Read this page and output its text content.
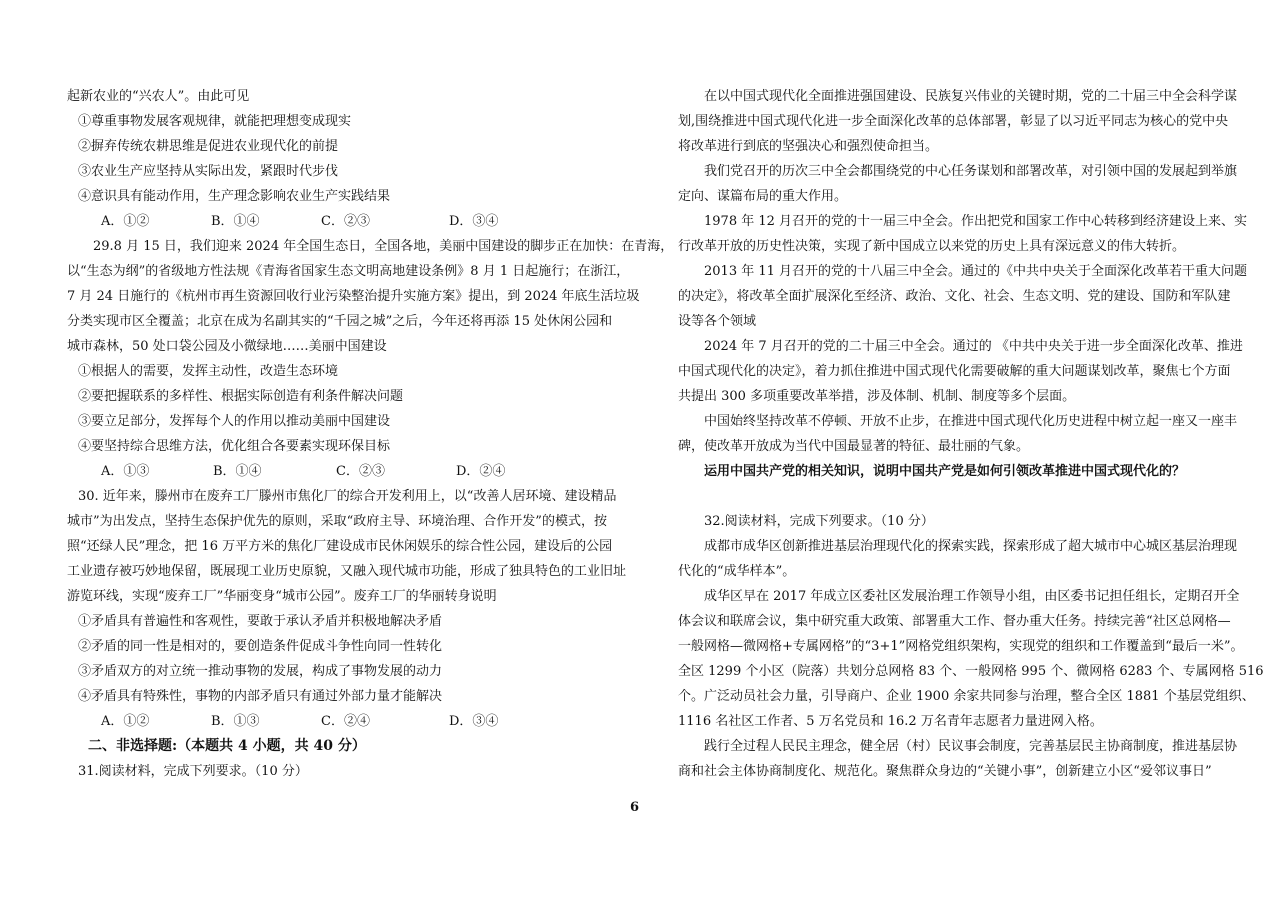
起新农业的“兴农人”。由此可见
①尊重事物发展客观规律，就能把理想变成现实
②摒弃传统农耕思维是促进农业现代化的前提
③农业生产应坚持从实际出发，紧跟时代步伐
④意识具有能动作用，生产理念影响农业生产实践结果
A．①②	B．①④	C．②③	D．③④
29.8 月 15 日，我们迎来 2024 年全国生态日，全国各地，美丽中国建设的脚步正在加快：在青海，
以“生态为纲”的省级地方性法规《青海省国家生态文明高地建设条例》8 月 1 日起施行；在浙江，
7 月 24 日施行的《杭州市再生资源回收行业污染整治提升实施方案》提出，到 2024 年底生活垃圾
分类实现市区全覆盖；北京在成为名副其实的“千园之城”之后，今年还将再添 15 处休闲公园和
城市森林，50 处口袋公园及小微绿地……美丽中国建设
①根据人的需要，发挥主动性，改造生态环境
②要把握联系的多样性、根据实际创造有利条件解决问题
③要立足部分，发挥每个人的作用以推动美丽中国建设
④要坚持综合思维方法，优化组合各要素实现环保目标
A．①③	B．①④	C．②③	D．②④
30. 近年来，滕州市在废弃工厂滕州市焦化厂的综合开发利用上，以“改善人居环境、建设精品
城市”为出发点，坚持生态保护优先的原则，采取“政府主导、环境治理、合作开发”的模式，按
照“还绿人民”理念，把 16 万平方米的焦化厂建设成市民休闲娱乐的综合性公园，建设后的公园
工业遗存被巧妙地保留，既展现工业历史原貌，又融入现代城市功能，形成了独具特色的工业旧址
游览环线，实现“废弃工厂”华丽变身“城市公园”。废弃工厂的华丽转身说明
①矛盾具有普遍性和客观性，要敢于承认矛盾并积极地解决矛盾
②矛盾的同一性是相对的，要创造条件促成斗争性向同一性转化
③矛盾双方的对立统一推动事物的发展，构成了事物发展的动力
④矛盾具有特殊性，事物的内部矛盾只有通过外部力量才能解决
A．①②	B．①③	C．②④	D．③④
二、非选择题:（本题共 4 小题，共 40 分）
31.阅读材料，完成下列要求。（10 分）
在以中国式现代化全面推进强国建设、民族复兴伟业的关键时期，党的二十届三中全会科学谋
划,围绕推进中国式现代化进一步全面深化改革的总体部署，彰显了以习近平同志为核心的党中央
将改革进行到底的坚强决心和强烈使命担当。
我们党召开的历次三中全会都围绕党的中心任务谋划和部署改革，对引领中国的发展起到举旗
定向、谋篇布局的重大作用。
1978 年 12 月召开的党的十一届三中全会。作出把党和国家工作中心转移到经济建设上来、实
行改革开放的历史性决策，实现了新中国成立以来党的历史上具有深远意义的伟大转折。
2013 年 11 月召开的党的十八届三中全会。通过的《中共中央关于全面深化改革若干重大问题
的决定》，将改革全面扩展深化至经济、政治、文化、社会、生态文明、党的建设、国防和军队建
设等各个领域
2024 年 7 月召开的党的二十届三中全会。通过的 《中共中央关于进一步全面深化改革、推进
中国式现代化的决定》，着力抓住推进中国式现代化需要破解的重大问题谋划改革，聚焦七个方面
共提出 300 多项重要改革举措，涉及体制、机制、制度等多个层面。
中国始终坚持改革不停顿、开放不止步，在推进中国式现代化历史进程中树立起一座又一座丰
碑，使改革开放成为当代中国最显著的特征、最壮丽的气象。
运用中国共产党的相关知识，说明中国共产党是如何引领改革推进中国式现代化的？
32.阅读材料，完成下列要求。（10 分）
成都市成华区创新推进基层治理现代化的探索实践，探索形成了超大城市中心城区基层治理现
代化的“成华样本”。
成华区早在 2017 年成立区委社区发展治理工作领导小组，由区委书记担任组长，定期召开全
体会议和联席会议，集中研究重大政策、部署重大工作、督办重大任务。持续完善“社区总网格—
一般网格—微网格+专属网格”的“3+1”网格党组织架构，实现党的组织和工作覆盖到“最后一米”。
全区 1299 个小区（院落）共划分总网格 83 个、一般网格 995 个、微网格 6283 个、专属网格 516
个。广泛动员社会力量，引导商户、企业 1900 余家共同参与治理，整合全区 1881 个基层党组织、
1116 名社区工作者、5 万名党员和 16.2 万名青年志愿者力量进网入格。
践行全过程人民民主理念，健全居（村）民议事会制度，完善基层民主协商制度，推进基层协
商和社会主体协商制度化、规范化。聚焦群众身边的“关键小事”，创新建立小区“爱邻议事日”
6
